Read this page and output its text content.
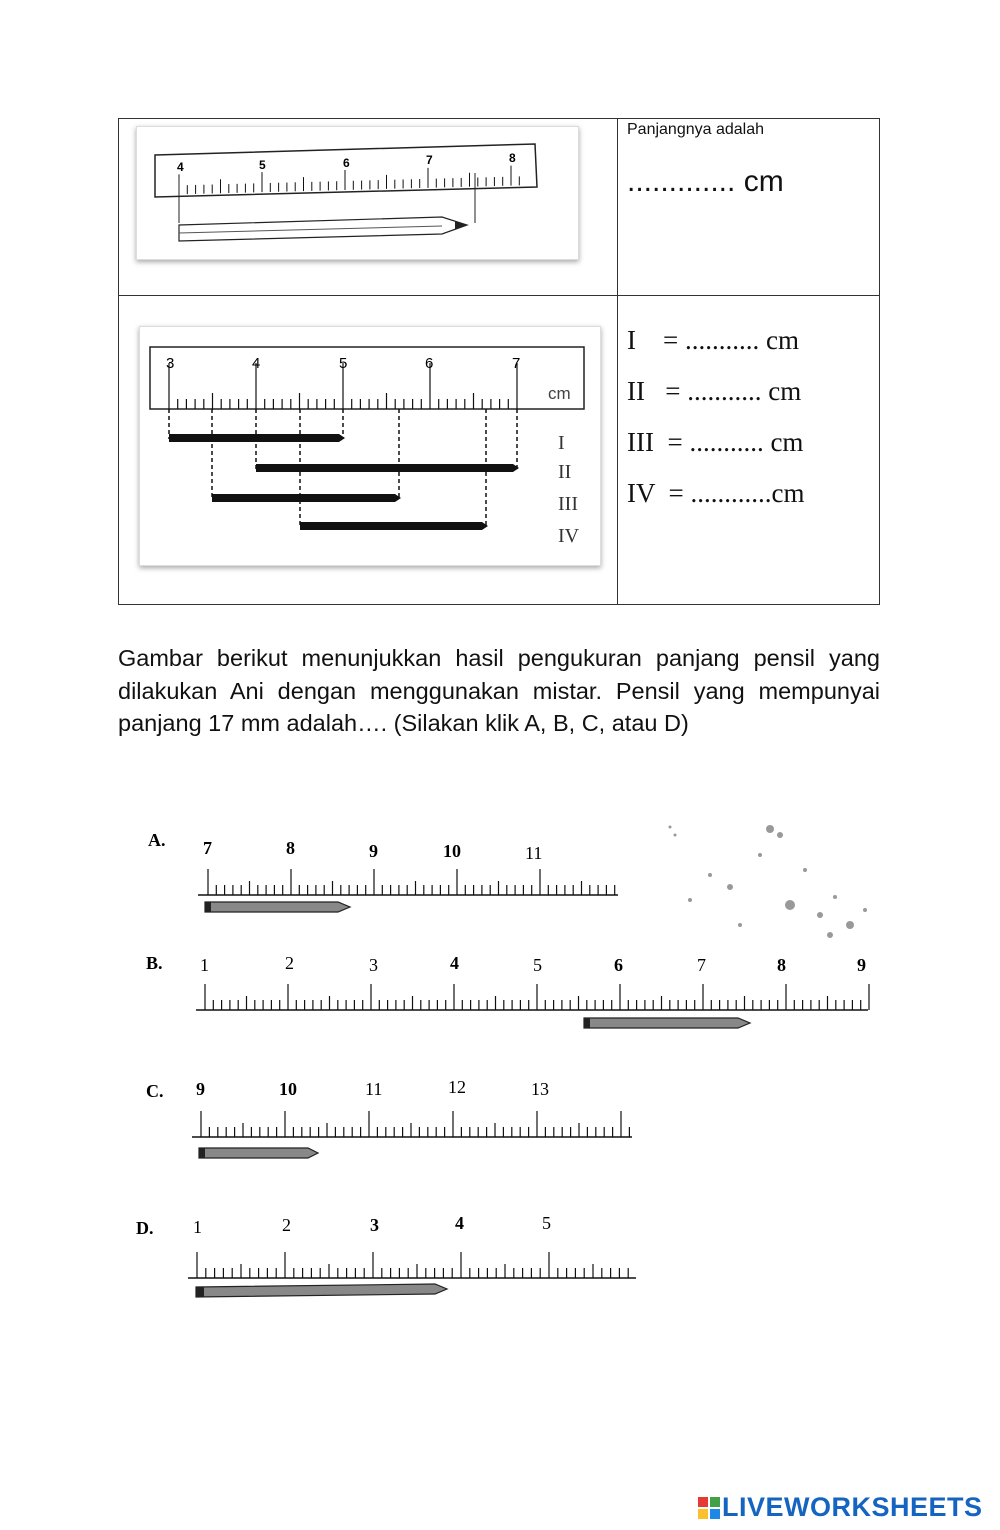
4	5	6	7	8
Panjangnya adalah
............. cm
3	4	5	6	7
cm
I
II
III
IV
I    = ........... cm
II   = ........... cm
III  = ........... cm
IV  = ............cm
Gambar berikut menunjukkan hasil pengukuran panjang pensil yang dilakukan Ani dengan menggunakan mistar. Pensil yang mempunyai panjang 17 mm adalah…. (Silakan klik A, B, C, atau D)
A. 7	8	9	10	11
B. 1	2	3	4	5	6	7	8	9
C. 9	10	11	12	13
D. 1	2	3	4	5
LIVEWORKSHEETS
